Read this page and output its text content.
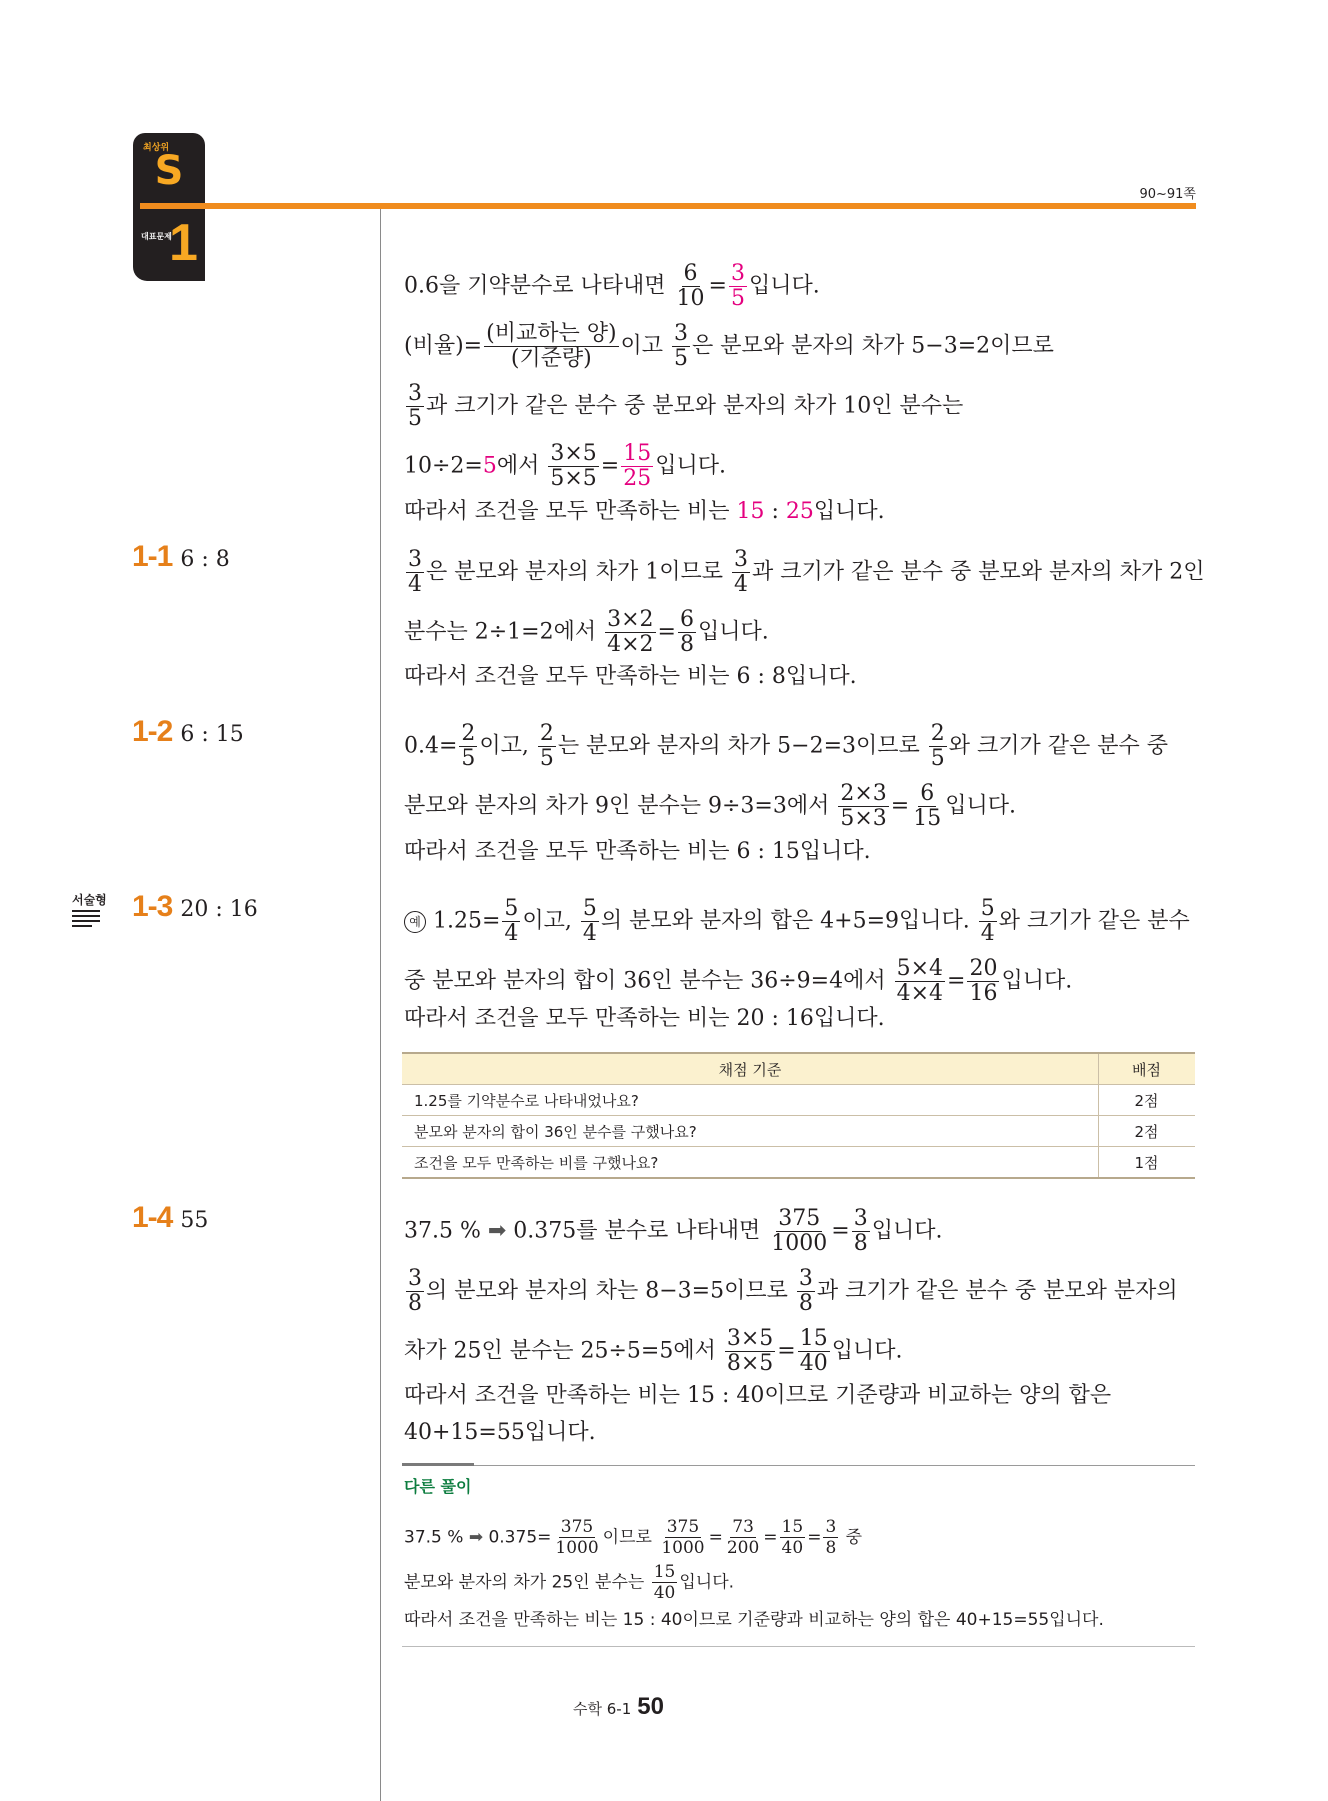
최상위
S
대표문제
1
90~91쪽
1-1 6 : 8
1-2 6 : 15
서술형 1-3 20 : 16
1-4 55
0.6을 기약분수로 나타내면 $\frac{6}{10} = \frac{3}{5}$ 입니다.
(비율)= (비교하는 양)
(기준량) 이고 $\frac{3}{5}$ 은 분모와 분자의 차가 5−3=2이므로
$\frac{3}{5}$ 과 크기가 같은 분수 중 분모와 분자의 차가 10인 분수는
10÷2=5에서 $\frac{3\times 5}{5\times 5} = \frac{15}{25}$ 입니다.
따라서 조건을 모두 만족하는 비는 15 : 25입니다.
$\frac{3}{4}$ 은 분모와 분자의 차가 1이므로 $\frac{3}{4}$ 과 크기가 같은 분수 중 분모와 분자의 차가 2인
분수는 2÷1=2에서 $\frac{3\times 2}{4\times 2} = \frac{6}{8}$ 입니다.
따라서 조건을 모두 만족하는 비는 6 : 8입니다.
$0.4= \frac{2}{5}$ 이고, $\frac{2}{5}$ 는 분모와 분자의 차가 5−2=3이므로 $\frac{2}{5}$ 와 크기가 같은 분수 중
분모와 분자의 차가 9인 분수는 9÷3=3에서 $\frac{2\times 3}{5\times 3} = \frac{6}{15}$ 입니다.
따라서 조건을 모두 만족하는 비는 6 : 15입니다.
예 $1.25= \frac{5}{4}$ 이고, $\frac{5}{4}$ 의 분모와 분자의 합은 4+5=9입니다. $\frac{5}{4}$ 와 크기가 같은 분수
중 분모와 분자의 합이 36인 분수는 36÷9=4에서 $\frac{5\times 4}{4\times 4} = \frac{20}{16}$ 입니다.
따라서 조건을 모두 만족하는 비는 20 : 16입니다.
채점 기준	배점
1.25를 기약분수로 나타내었나요?	2점
분모와 분자의 합이 36인 분수를 구했나요?	2점
조건을 모두 만족하는 비를 구했나요?	1점
37.5 % ➡ 0.375를 분수로 나타내면 $\frac{375}{1000} = \frac{3}{8}$ 입니다.
$\frac{3}{8}$ 의 분모와 분자의 차는 8−3=5이므로 $\frac{3}{8}$ 과 크기가 같은 분수 중 분모와 분자의
차가 25인 분수는 25÷5=5에서 $\frac{3\times 5}{8\times 5} = \frac{15}{40}$ 입니다.
따라서 조건을 만족하는 비는 15 : 40이므로 기준량과 비교하는 양의 합은
40+15=55입니다.
다른 풀이
37.5 % ➡ $0.375= \frac{375}{1000}$ 이므로 $\frac{375}{1000} = \frac{73}{200} = \frac{15}{40} = \frac{3}{8}$ 중
분모와 분자의 차가 25인 분수는 $\frac{15}{40}$ 입니다.
따라서 조건을 만족하는 비는 15 : 40이므로 기준량과 비교하는 양의 합은 40+15=55입니다.
수학 6-1 50
